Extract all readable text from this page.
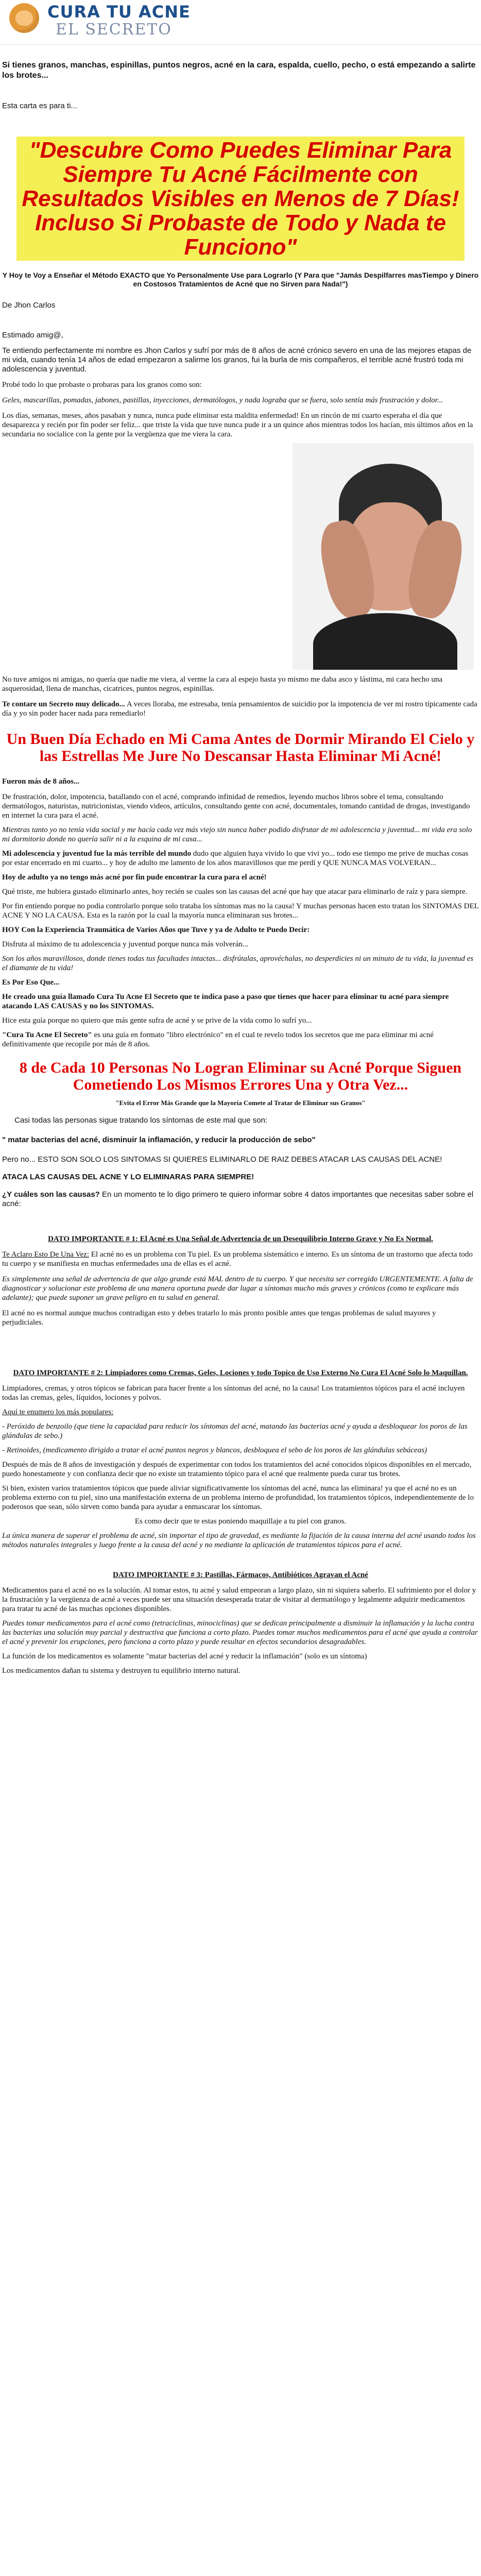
CURA TU ACNE
EL SECRETO

Si tienes granos, manchas, espinillas, puntos negros, acné en la cara, espalda, cuello, pecho, o está empezando a salirte los brotes...

Esta carta es para ti...

"Descubre Como Puedes Eliminar Para Siempre Tu Acné Fácilmente con Resultados Visibles en Menos de 7 Días! Incluso Si Probaste de Todo y Nada te Funciono"

Y Hoy te Voy a Enseñar el Método EXACTO que Yo Personalmente Use para Lograrlo (Y Para que "Jamás Despilfarres masTiempo y Dinero en Costosos Tratamientos de Acné que no Sirven para Nada!")

De Jhon Carlos

Estimado amig@,

Te entiendo perfectamente mi nombre es Jhon Carlos y sufrí por más de 8 años de acné crónico severo en una de las mejores etapas de mi vida, cuando tenía 14 años de edad empezaron a salirme los granos, fui la burla de mis compañeros, el terrible acné frustró toda mi adolescencia y juventud.

Probé todo lo que probaste o probaras para los granos como son:

Geles, mascarillas, pomadas, jabones, pastillas, inyecciones, dermatólogos, y nada lograba que se fuera, solo sentía más frustración y dolor...

Los días, semanas, meses, años pasaban y nunca, nunca pude eliminar esta maldita enfermedad! En un rincón de mi cuarto esperaba el día que desaparezca y recién por fin poder ser feliz... que triste la vida que tuve nunca pude ir a un quince años mientras todos los hacían, mis últimos años en la secundaria no socialice con la gente por la vergüenza que me viera la cara.

No tuve amigos ni amigas, no quería que nadie me viera, al verme la cara al espejo hasta yo mismo me daba asco y lástima, mi cara hecho una asquerosidad, llena de manchas, cicatrices, puntos negros, espinillas.

Te contare un Secreto muy delicado... A veces lloraba, me estresaba, tenía pensamientos de suicidio por la impotencia de ver mi rostro típicamente cada día y yo sin poder hacer nada para remediarlo!

Un Buen Día Echado en Mi Cama Antes de Dormir Mirando El Cielo y las Estrellas Me Jure No Descansar Hasta Eliminar Mi Acné!

Fueron más de 8 años...

De frustración, dolor, impotencia, batallando con el acné, comprando infinidad de remedios, leyendo muchos libros sobre el tema, consultando dermatólogos, naturistas, nutricionistas, viendo videos, artículos, consultando gente con acné, documentales, tomando cantidad de drogas, investigando en internet la cura para el acné.

Mientras tanto yo no tenía vida social y me hacía cada vez más viejo sin nunca haber podido disfrutar de mi adolescencia y juventud... mi vida era solo mi dormitorio donde no quería salir ni a la esquina de mi casa...

Mi adolescencia y juventud fue la más terrible del mundo dudo que alguien haya vivido lo que vivi yo... todo ese tiempo me prive de muchas cosas por estar encerrado en mi cuarto... y hoy de adulto me lamento de los años maravillosos que me perdí y QUE NUNCA MAS VOLVERAN...

Hoy de adulto ya no tengo más acné por fin pude encontrar la cura para el acné!

Qué triste, me hubiera gustado eliminarlo antes, hoy recién se cuales son las causas del acné que hay que atacar para eliminarlo de raíz y para siempre.

Por fin entiendo porque no podia controlarlo porque solo trataba los síntomas mas no la causa! Y muchas personas hacen esto tratan los SINTOMAS DEL ACNE Y NO LA CAUSA. Esta es la razón por la cual la mayoría nunca eliminaran sus brotes...

HOY Con la Experiencia Traumática de Varios Años que Tuve y ya de Adulto te Puedo Decir:

Disfruta al máximo de tu adolescencia y juventud porque nunca más volverán...

Son los años maravillosos, donde tienes todas tus facultades intactas... disfrútalas, aprovéchalas, no desperdicies ni un minuto de tu vida, la juventud es el diamante de tu vida!

Es Por Eso Que...

He creado una guía llamado Cura Tu Acne El Secreto que te indica paso a paso que tienes que hacer para eliminar tu acné para siempre atacando LAS CAUSAS y no los SINTOMAS.

Hice esta guía porque no quiero que más gente sufra de acné y se prive de la vida como lo sufrí yo...

"Cura Tu Acne El Secreto" es una guía en formato "libro electrónico" en el cual te revelo todos los secretos que me para eliminar mi acné definitivamente que recopile por más de 8 años.

8 de Cada 10 Personas No Logran Eliminar su Acné Porque Siguen Cometiendo Los Mismos Errores Una y Otra Vez...

"Evita el Error Más Grande que la Mayoría Comete al Tratar de Eliminar sus Granos"

Casi todas las personas sigue tratando los síntomas de este mal que son:

" matar bacterias del acné, disminuir la inflamación, y reducir la producción de sebo"

Pero no... ESTO SON SOLO LOS SINTOMAS SI QUIERES ELIMINARLO DE RAIZ DEBES ATACAR LAS CAUSAS DEL ACNE!

ATACA LAS CAUSAS DEL ACNE Y LO ELIMINARAS PARA SIEMPRE!

¿Y cuáles son las causas? En un momento te lo digo primero te quiero informar sobre 4 datos importantes que necesitas saber sobre el acné:

DATO IMPORTANTE # 1: El Acné es Una Señal de Advertencia de un Desequilibrio Interno Grave y No Es Normal.

Te Aclaro Esto De Una Vez: El acné no es un problema con Tu piel. Es un problema sistemático e interno. Es un síntoma de un trastorno que afecta todo tu cuerpo y se manifiesta en muchas enfermedades una de ellas es el acné.

Es simplemente una señal de advertencia de que algo grande está MAL dentro de tu cuerpo. Y que necesita ser corregido URGENTEMENTE. A falta de diagnosticar y solucionar este problema de una manera oportuna puede dar lugar a síntomas mucho más graves y crónicos (como te explicare más adelante); que puede suponer un grave peligro en tu salud en general.

El acné no es normal aunque muchos contradigan esto y debes tratarlo lo más pronto posible antes que tengas problemas de salud mayores y perjudiciales.

DATO IMPORTANTE # 2: Limpiadores como Cremas, Geles, Lociones y todo Topico de Uso Externo No Cura El Acné Solo lo Maquillan.

Limpiadores, cremas, y otros tópicos se fabrican para hacer frente a los síntomas del acné, no la causa! Los tratamientos tópicos para el acné incluyen todas las cremas, geles, líquidos, lociones y polvos.

Aquí te enumero los más populares:

- Peróxido de benzoilo (que tiene la capacidad para reducir los síntomas del acné, matando las bacterias acné y ayuda a desbloquear los poros de las glándulas de sebo.)

- Retinoides, (medicamento dirigido a tratar el acné puntos negros y blancos, desbloquea el sebo de los poros de las glándulas sebáceas)

Después de más de 8 años de investigación y después de experimentar con todos los tratamientos del acné conocidos tópicos disponibles en el mercado, puedo honestamente y con confianza decir que no existe un tratamiento tópico para el acné que realmente pueda curar tus brotes.

Si bien, existen varios tratamientos tópicos que puede aliviar significativamente los síntomas del acné, nunca las eliminara! ya que el acné no es un problema externo con tu piel, sino una manifestación externa de un problema interno de profundidad, los tratamientos tópicos, independientemente de lo poderosos que sean, sólo sirven como banda para ayudar a enmascarar los síntomas.

Es como decir que te estas poniendo maquillaje a tu piel con granos.

La única manera de superar el problema de acné, sin importar el tipo de gravedad, es mediante la fijación de la causa interna del acné usando todos los métodos naturales integrales y luego frente a la causa del acné y no mediante la aplicación de tratamientos tópicos para el acné.

DATO IMPORTANTE # 3: Pastillas, Fármacos, Antibióticos Agravan el Acné

Medicamentos para el acné no es la solución. Al tomar estos, tu acné y salud empeoran a largo plazo, sin ni siquiera saberlo. El sufrimiento por el dolor y la frustración y la vergüenza de acné a veces puede ser una situación desesperada tratar de visitar al dermatólogo y legalmente adquirir medicamentos para tratar tu acné de las muchas opciones disponibles.

Puedes tomar medicamentos para el acné como (tetraciclinas, minociclinas) que se dedican principalmente a disminuir la inflamación y la lucha contra las bacterias una solución muy parcial y destructiva que funciona a corto plazo. Puedes tomar muchos medicamentos para el acné que ayuda a controlar el acné y prevenir los erupciones, pero funciona a corto plazo y puede resultar en efectos secundarios desagradables.

La función de los medicamentos es solamente "matar bacterias del acné y reducir la inflamación" (solo es un síntoma)

Los medicamentos dañan tu sistema y destruyen tu equilibrio interno natural.
